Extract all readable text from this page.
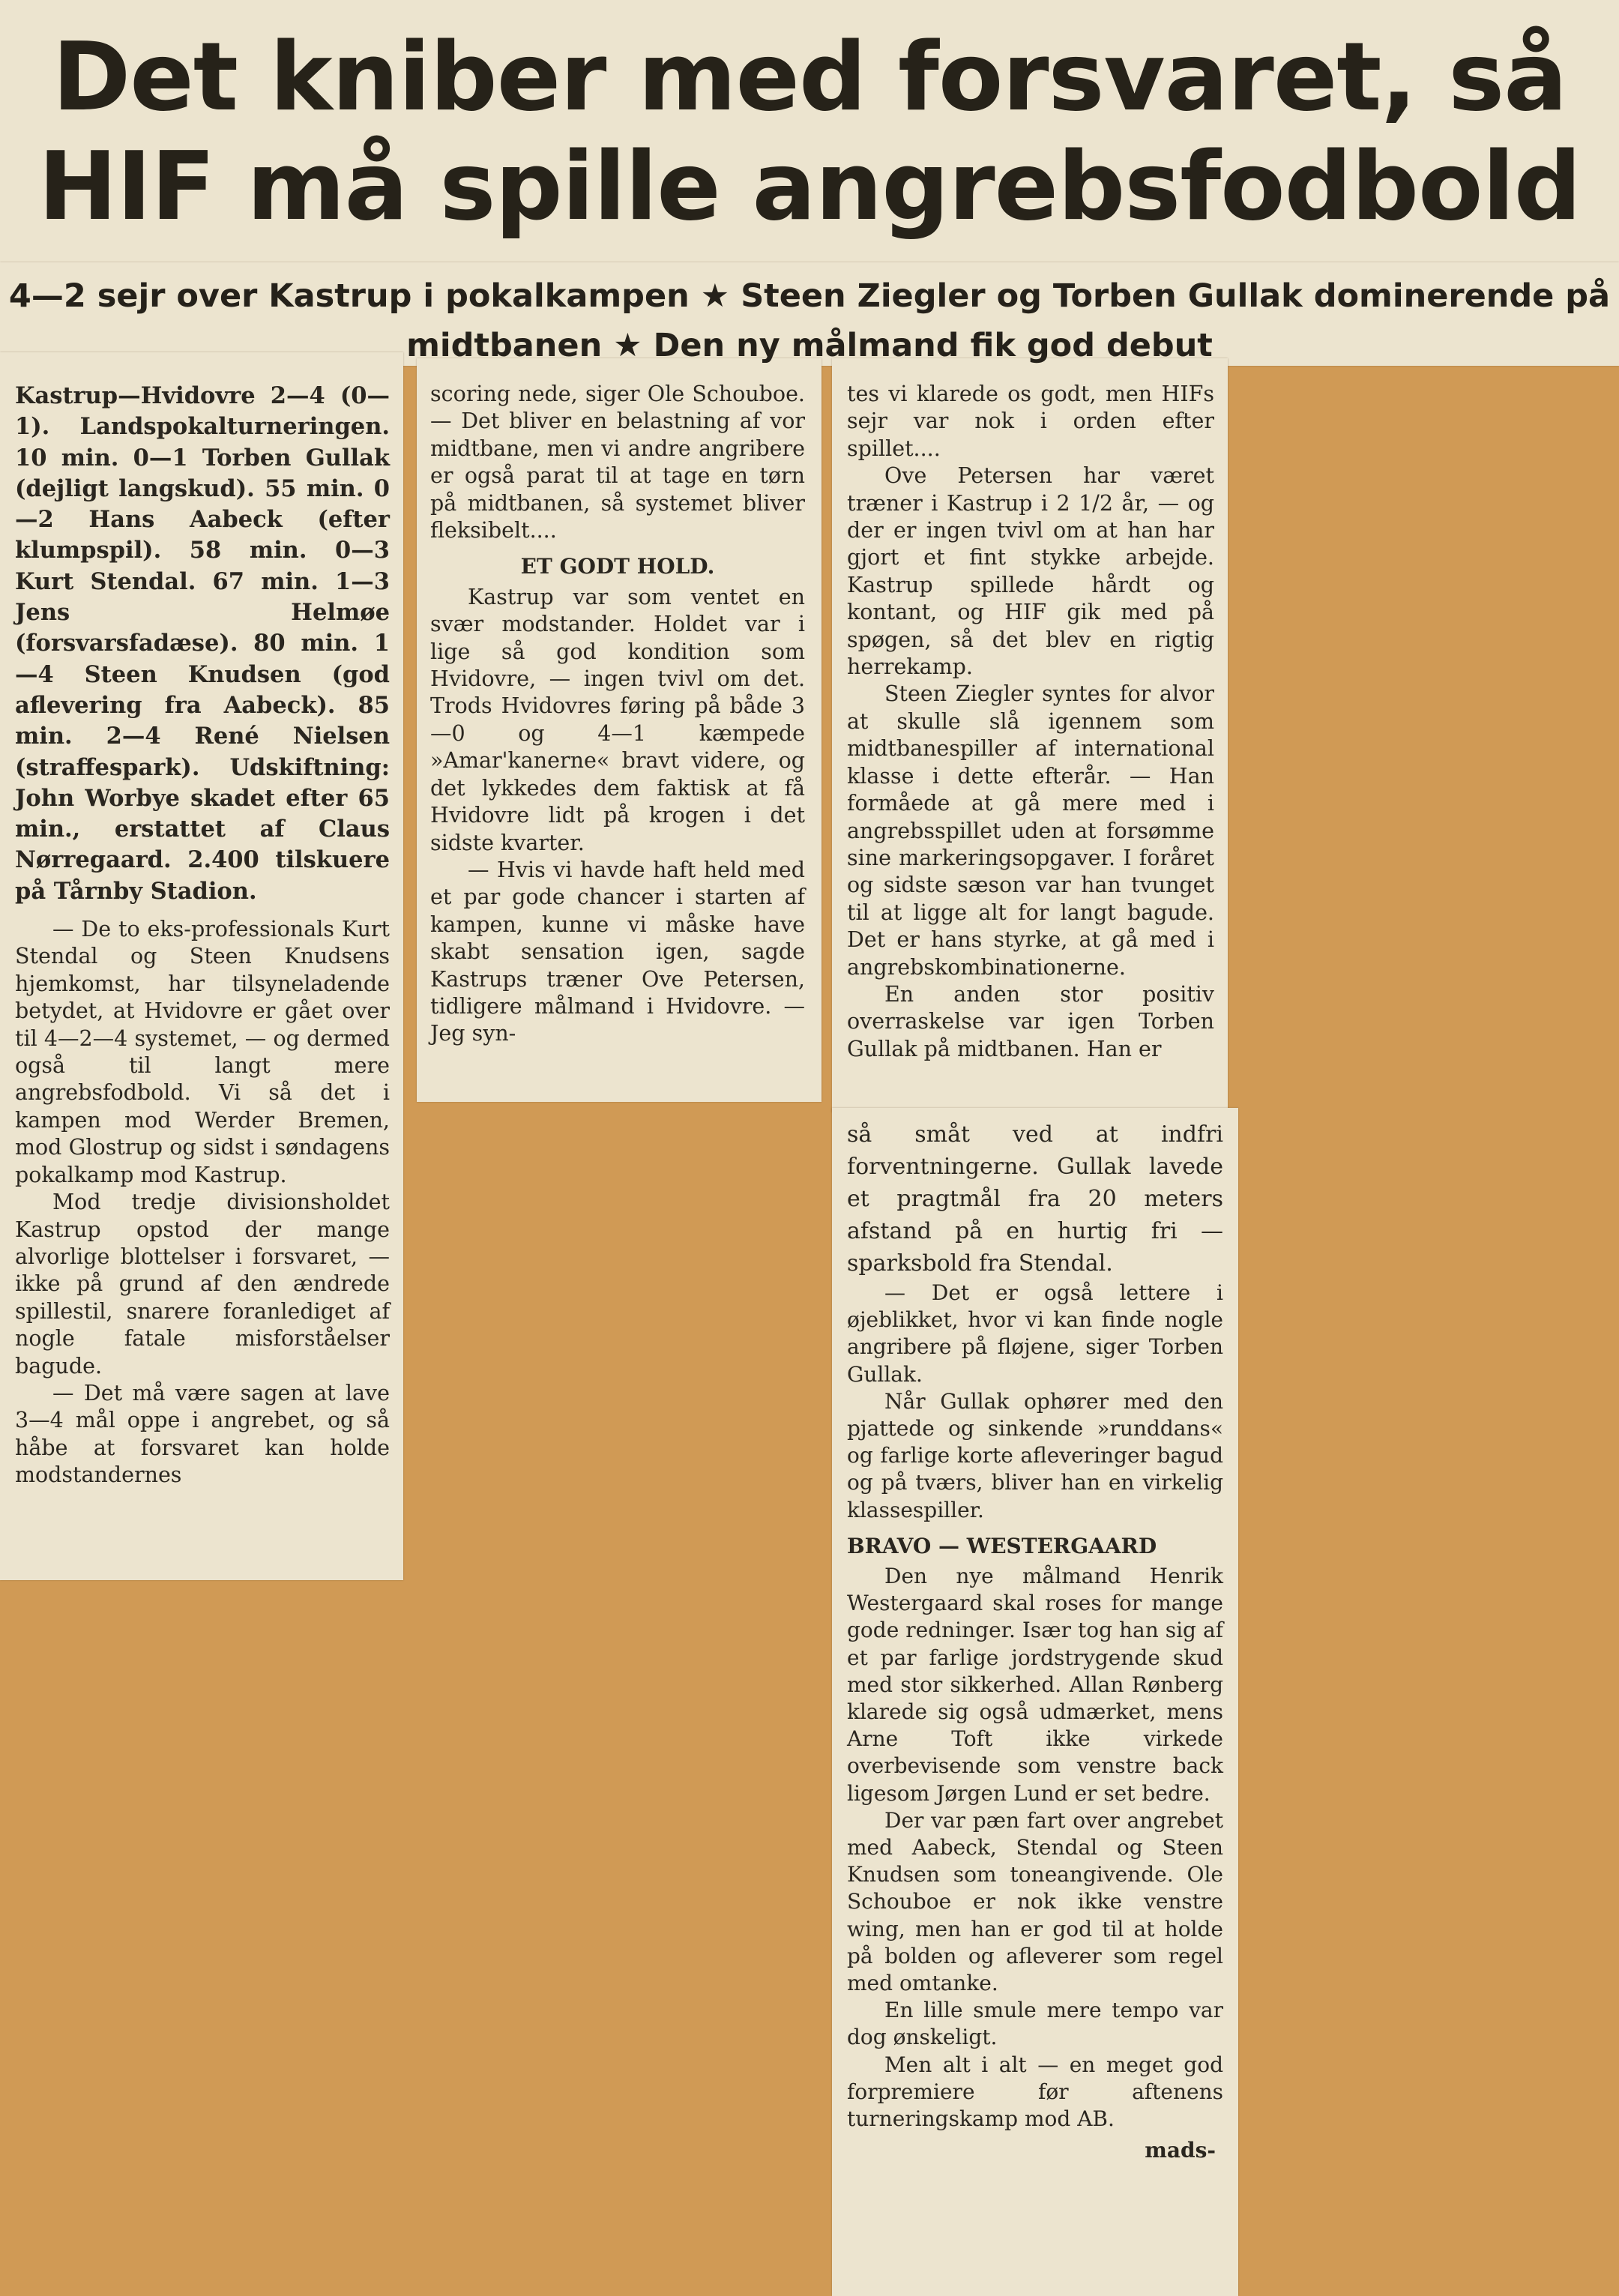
Det kniber med forsvaret, så
HIF må spille angrebsfodbold
4—2 sejr over Kastrup i pokalkampen ★ Steen Ziegler og Torben Gullak dominerende på
midtbanen ★ Den ny målmand fik god debut

Kastrup—Hvidovre 2—4 (0—1). Landspokalturneringen. 10 min. 0—1 Torben Gullak (dejligt langskud). 55 min. 0—2 Hans Aabeck (efter klumpspil). 58 min. 0—3 Kurt Stendal. 67 min. 1—3 Jens Helmøe (forsvarsfadæse). 80 min. 1—4 Steen Knudsen (god aflevering fra Aabeck). 85 min. 2—4 René Nielsen (straffespark). Udskiftning: John Worbye skadet efter 65 min., erstattet af Claus Nørregaard. 2.400 tilskuere på Tårnby Stadion.

— De to eks-professionals Kurt Stendal og Steen Knudsens hjemkomst, har tilsyneladende betydet, at Hvidovre er gået over til 4—2—4 systemet, — og dermed også til langt mere angrebsfodbold. Vi så det i kampen mod Werder Bremen, mod Glostrup og sidst i søndagens pokalkamp mod Kastrup.

Mod tredje divisionsholdet Kastrup opstod der mange alvorlige blottelser i forsvaret, — ikke på grund af den ændrede spillestil, snarere foranlediget af nogle fatale misforståelser bagude.

— Det må være sagen at lave 3—4 mål oppe i angrebet, og så håbe at forsvaret kan holde modstandernes

scoring nede, siger Ole Schouboe. — Det bliver en belastning af vor midtbane, men vi andre angribere er også parat til at tage en tørn på midtbanen, så systemet bliver fleksibelt....

ET GODT HOLD.

Kastrup var som ventet en svær modstander. Holdet var i lige så god kondition som Hvidovre, — ingen tvivl om det. Trods Hvidovres føring på både 3—0 og 4—1 kæmpede »Amar'kanerne« bravt videre, og det lykkedes dem faktisk at få Hvidovre lidt på krogen i det sidste kvarter.

— Hvis vi havde haft held med et par gode chancer i starten af kampen, kunne vi måske have skabt sensation igen, sagde Kastrups træner Ove Petersen, tidligere målmand i Hvidovre. — Jeg syn-

tes vi klarede os godt, men HIFs sejr var nok i orden efter spillet....

Ove Petersen har været træner i Kastrup i 2 1/2 år, — og der er ingen tvivl om at han har gjort et fint stykke arbejde. Kastrup spillede hårdt og kontant, og HIF gik med på spøgen, så det blev en rigtig herrekamp.

Steen Ziegler syntes for alvor at skulle slå igennem som midtbanespiller af international klasse i dette efterår. — Han formåede at gå mere med i angrebsspillet uden at forsømme sine markeringsopgaver. I foråret og sidste sæson var han tvunget til at ligge alt for langt bagude. Det er hans styrke, at gå med i angrebskombinationerne.

En anden stor positiv overraskelse var igen Torben Gullak på midtbanen. Han er

så småt ved at indfri forventningerne. Gullak lavede et pragtmål fra 20 meters afstand på en hurtig fri — sparksbold fra Stendal.

— Det er også lettere i øjeblikket, hvor vi kan finde nogle angribere på fløjene, siger Torben Gullak.

Når Gullak ophører med den pjattede og sinkende »runddans« og farlige korte afleveringer bagud og på tværs, bliver han en virkelig klassespiller.

BRAVO — WESTERGAARD

Den nye målmand Henrik Westergaard skal roses for mange gode redninger. Især tog han sig af et par farlige jordstrygende skud med stor sikkerhed. Allan Rønberg klarede sig også udmærket, mens Arne Toft ikke virkede overbevisende som venstre back ligesom Jørgen Lund er set bedre.

Der var pæn fart over angrebet med Aabeck, Stendal og Steen Knudsen som toneangivende. Ole Schouboe er nok ikke venstre wing, men han er god til at holde på bolden og afleverer som regel med omtanke.

En lille smule mere tempo var dog ønskeligt.

Men alt i alt — en meget god forpremiere før aftenens turneringskamp mod AB.

mads-
